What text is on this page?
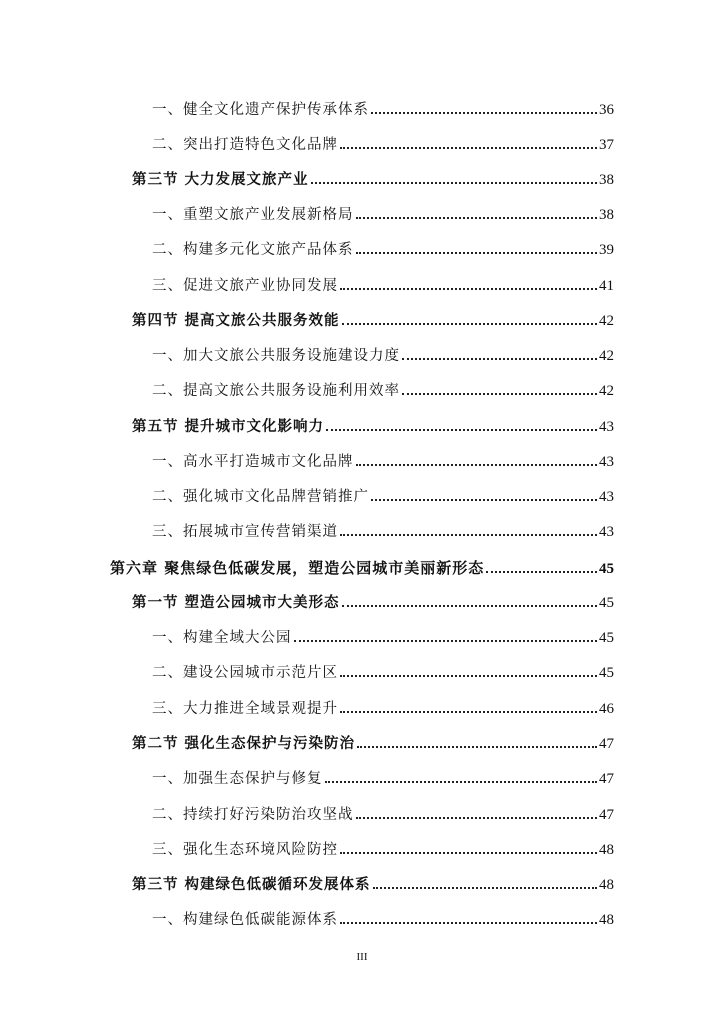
一、健全文化遗产保护传承体系	36
二、突出打造特色文化品牌	37
第三节 大力发展文旅产业	38
一、重塑文旅产业发展新格局	38
二、构建多元化文旅产品体系	39
三、促进文旅产业协同发展	41
第四节 提高文旅公共服务效能	42
一、加大文旅公共服务设施建设力度	42
二、提高文旅公共服务设施利用效率	42
第五节 提升城市文化影响力	43
一、高水平打造城市文化品牌	43
二、强化城市文化品牌营销推广	43
三、拓展城市宣传营销渠道	43
第六章 聚焦绿色低碳发展，塑造公园城市美丽新形态	45
第一节 塑造公园城市大美形态	45
一、构建全域大公园	45
二、建设公园城市示范片区	45
三、大力推进全域景观提升	46
第二节 强化生态保护与污染防治	47
一、加强生态保护与修复	47
二、持续打好污染防治攻坚战	47
三、强化生态环境风险防控	48
第三节 构建绿色低碳循环发展体系	48
一、构建绿色低碳能源体系	48
III
